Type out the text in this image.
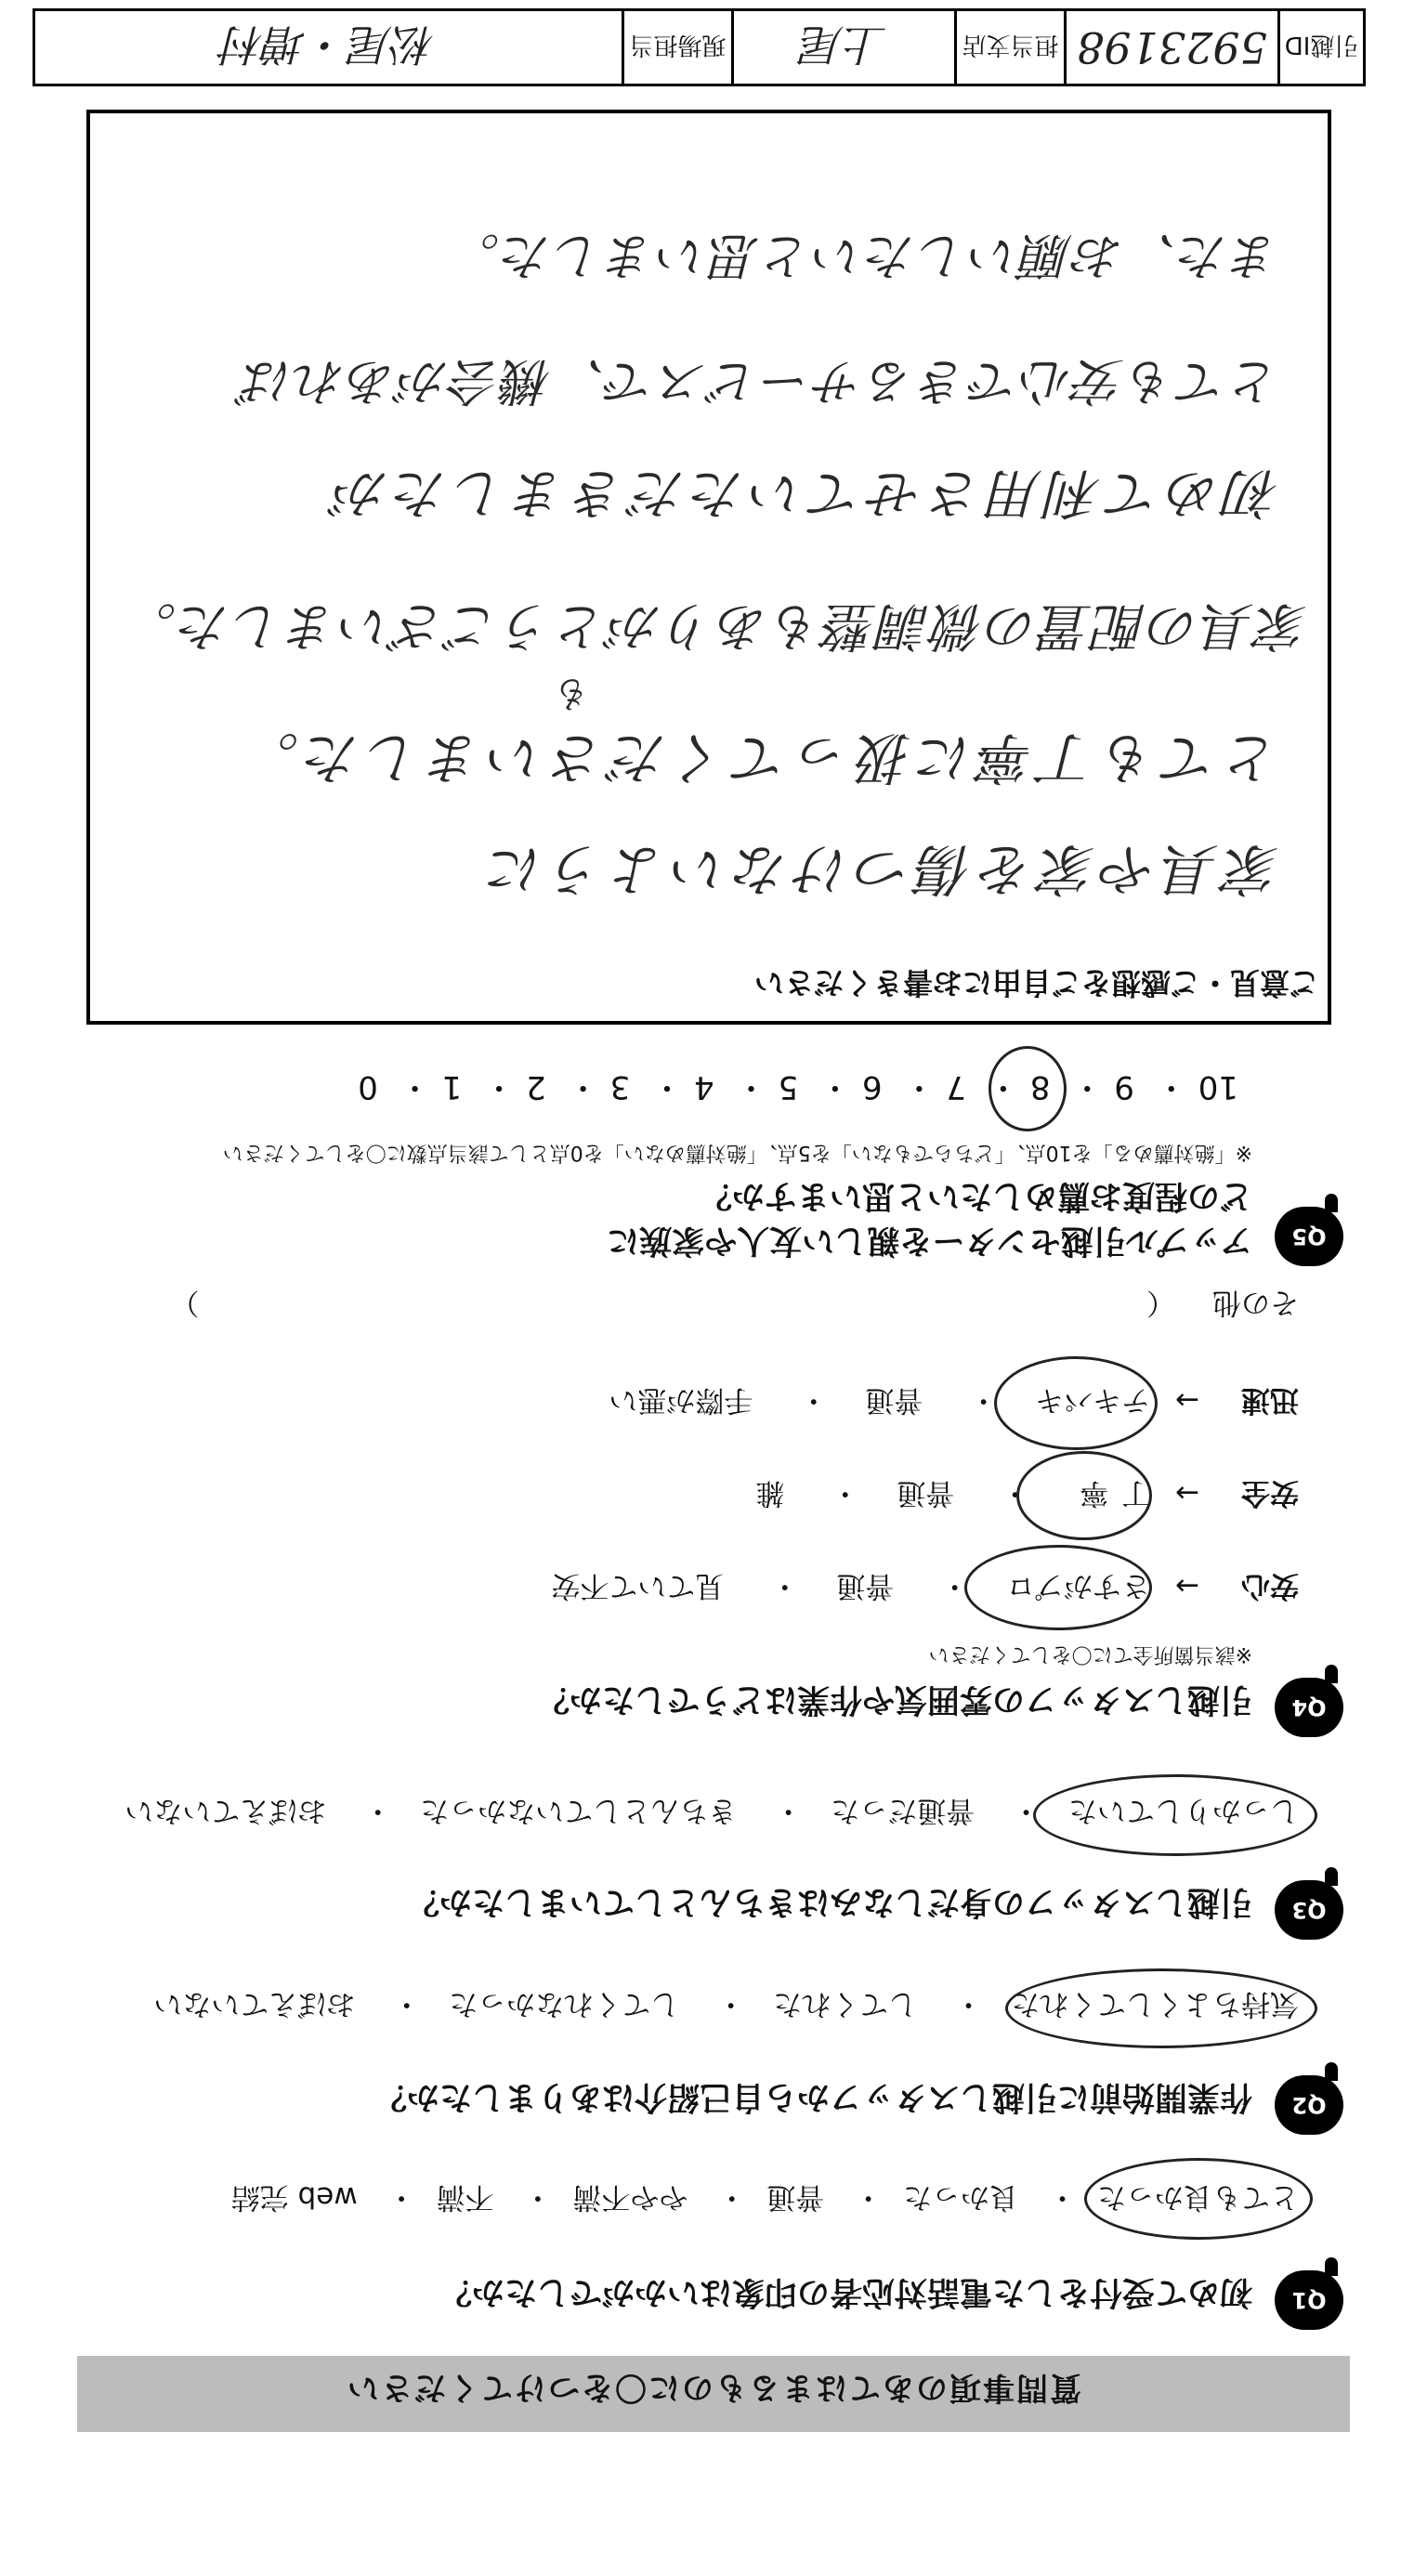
質問事項のあてはまるものに〇をつけてください
Q1
初めて受付をした電話対応者の印象はいかがでしたか？
とても良かった・ 良かった・ 普通・ やや不満・ 不満・ web 完結
Q2
作業開始前に引越しスタッフから自己紹介はありましたか？
気持ちよくしてくれた・ してくれた・ してくれなかった・ おぼえていない
Q3
引越しスタッフの身だしなみはきちんとしていましたか？
しっかりしていた・ 普通だった・ きちんとしていなかった・ おぼえていない
Q4
引越しスタッフの雰囲気や作業はどうでしたか？
※該当箇所全てに〇をしてください
安心→ さすがプロ・ 普通・ 見ていて不安
安全→ 丁寧・ 普通・ 雑
迅速→ テキパキ・ 普通・ 手際が悪い
その他 （  ）
Q5
アップル引越センターを親しい友人や家族に
どの程度お薦めしたいと思いますか？
※「絶対薦める」を10点、「どちらでもない」を5点、「絶対薦めない」を0点として該当点数に〇をしてください
10・ 9・ 8・ 7・ 6・ 5・ 4・ 3・ 2・ 1・ 0
ご意見・ご感想をご自由にお書きください
家具や家を傷つけないように
とても丁寧に扱ってくださいました。
家具の配置の微調整もありがとうございました。
も
初めて利用させていただきましたが
とても安心できるサービスで、機会があれば
また、お願いしたいと思いました。
引越ID
5923198
担当支店
上尾
現場担当
松尾・増村
